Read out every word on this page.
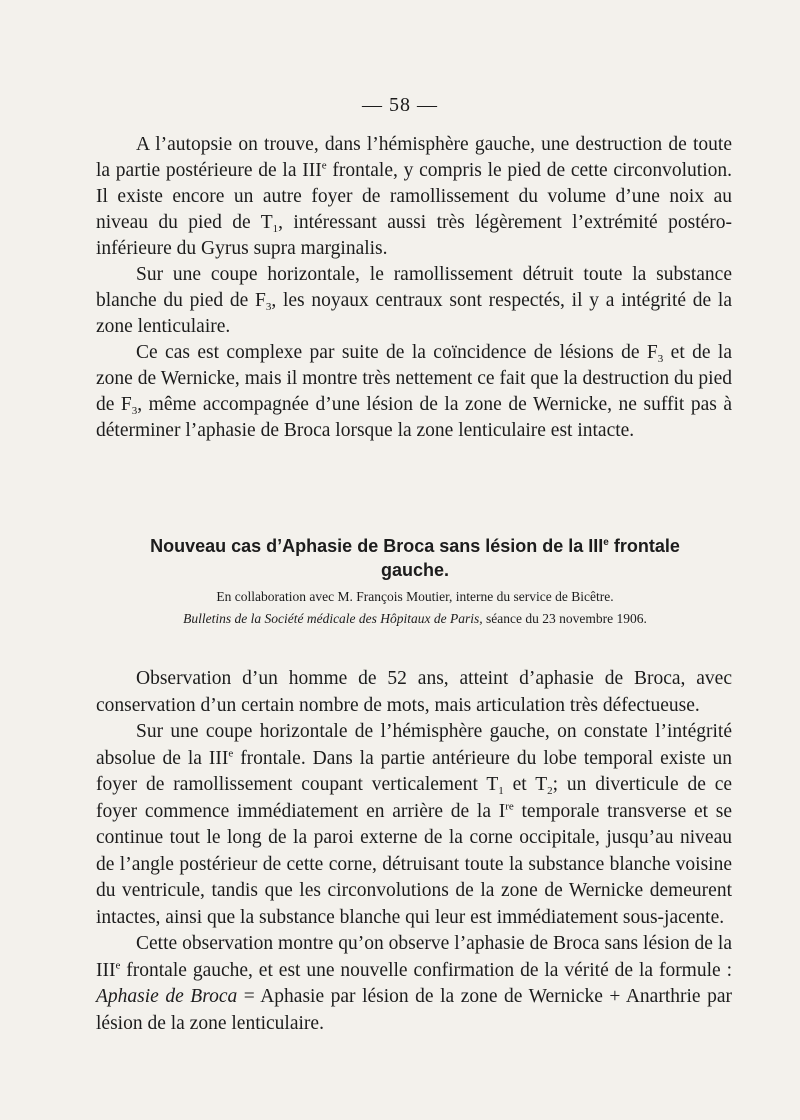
— 58 —

A l’autopsie on trouve, dans l’hémisphère gauche, une destruction de toute la partie postérieure de la IIIe frontale, y compris le pied de cette circonvolution. Il existe encore un autre foyer de ramollissement du volume d’une noix au niveau du pied de $T_1$, intéressant aussi très légèrement l’extrémité postéro-inférieure du Gyrus supra marginalis.

Sur une coupe horizontale, le ramollissement détruit toute la substance blanche du pied de $F_3$, les noyaux centraux sont respectés, il y a intégrité de la zone lenticulaire.

Ce cas est complexe par suite de la coïncidence de lésions de $F_3$ et de la zone de Wernicke, mais il montre très nettement ce fait que la destruction du pied de $F_3$, même accompagnée d’une lésion de la zone de Wernicke, ne suffit pas à déterminer l’aphasie de Broca lorsque la zone lenticulaire est intacte.

Nouveau cas d’Aphasie de Broca sans lésion de la IIIe frontale
gauche.
En collaboration avec M. François Moutier, interne du service de Bicêtre.
Bulletins de la Société médicale des Hôpitaux de Paris, séance du 23 novembre 1906.

Observation d’un homme de 52 ans, atteint d’aphasie de Broca, avec conservation d’un certain nombre de mots, mais articulation très défectueuse.

Sur une coupe horizontale de l’hémisphère gauche, on constate l’intégrité absolue de la IIIe frontale. Dans la partie antérieure du lobe temporal existe un foyer de ramollissement coupant verticalement $T_1$ et $T_2$; un diverticule de ce foyer commence immédiatement en arrière de la Ire temporale transverse et se continue tout le long de la paroi externe de la corne occipitale, jusqu’au niveau de l’angle postérieur de cette corne, détruisant toute la substance blanche voisine du ventricule, tandis que les circonvolutions de la zone de Wernicke demeurent intactes, ainsi que la substance blanche qui leur est immédiatement sous-jacente.

Cette observation montre qu’on observe l’aphasie de Broca sans lésion de la IIIe frontale gauche, et est une nouvelle confirmation de la vérité de la formule : Aphasie de Broca = Aphasie par lésion de la zone de Wernicke + Anarthrie par lésion de la zone lenticulaire.
